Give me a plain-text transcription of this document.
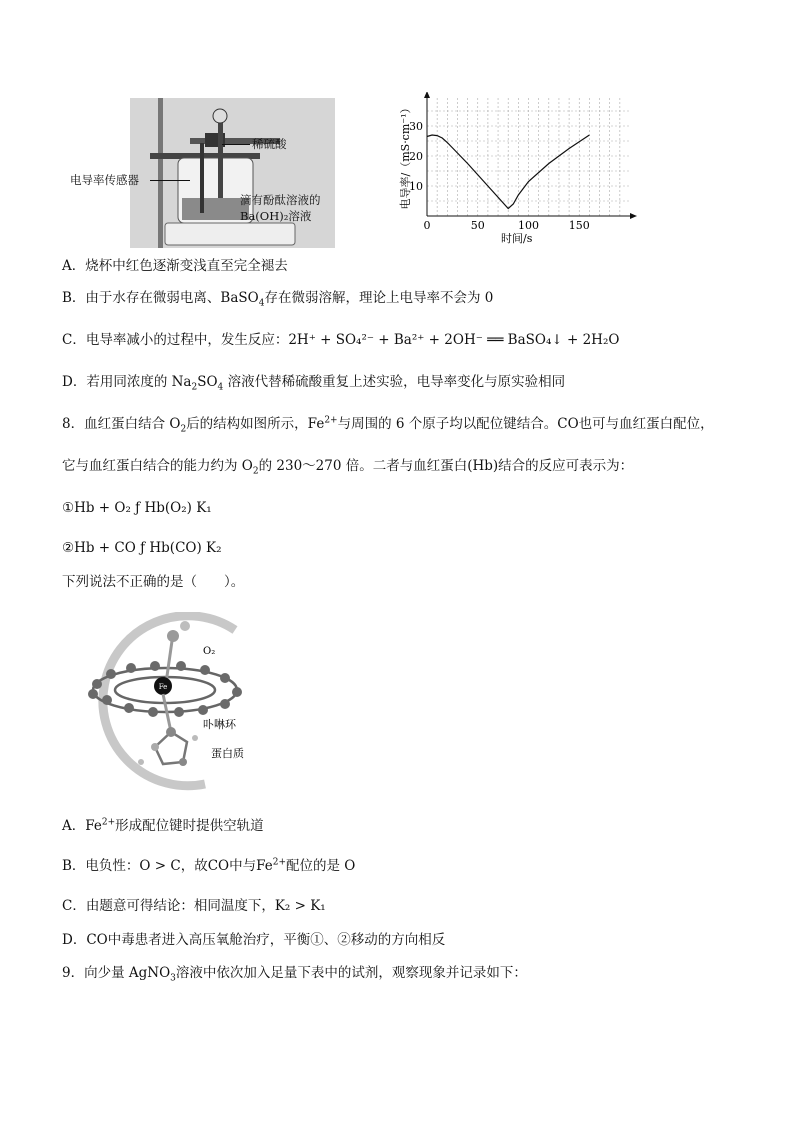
稀硫酸
电导率传感器
滴有酚酞溶液的
Ba(OH)₂溶液
0	50	100	150
10
20
30
时间/s
电导率/（mS·cm⁻¹）
A．烧杯中红色逐渐变浅直至完全褪去
B．由于水存在微弱电离、BaSO$_4$存在微弱溶解，理论上电导率不会为 0
C．电导率减小的过程中，发生反应：2H⁺ + SO₄²⁻ + Ba²⁺ + 2OH⁻ ══ BaSO₄↓ + 2H₂O
D．若用同浓度的 $Na_2SO_4$ 溶液代替稀硫酸重复上述实验，电导率变化与原实验相同
8．血红蛋白结合 $O_2$后的结构如图所示，$Fe^{2+}$与周围的 6 个原子均以配位键结合。CO也可与血红蛋白配位，
它与血红蛋白结合的能力约为 $O_2$的 230～270 倍。二者与血红蛋白(Hb)结合的反应可表示为：
①Hb + O₂ ƒ Hb(O₂) K₁
②Hb + CO ƒ Hb(CO) K₂
下列说法不正确的是（　　）。
Fe
O₂
卟啉环
蛋白质
A．$Fe^{2+}$形成配位键时提供空轨道
B．电负性：O > C，故CO中与$Fe^{2+}$配位的是 O
C．由题意可得结论：相同温度下，K₂ > K₁
D．CO中毒患者进入高压氧舱治疗，平衡①、②移动的方向相反
9．向少量 AgNO$_3$溶液中依次加入足量下表中的试剂，观察现象并记录如下：
